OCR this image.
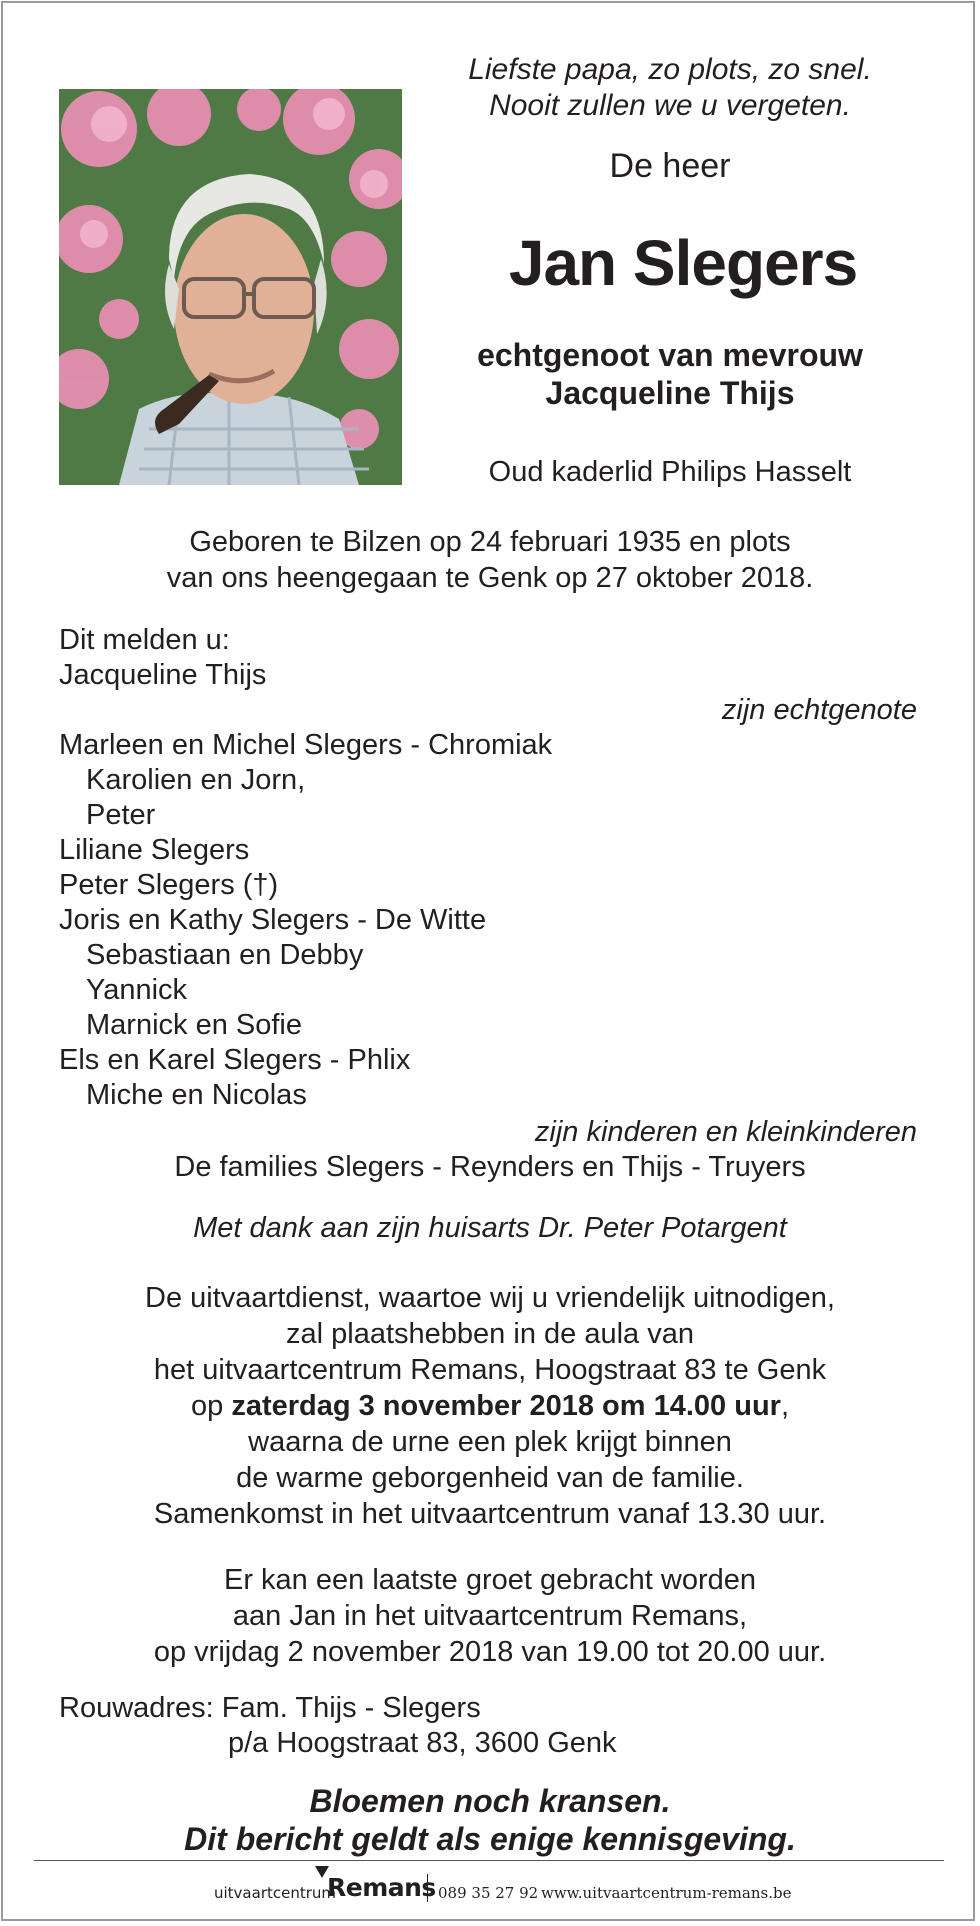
Liefste papa, zo plots, zo snel.
Nooit zullen we u vergeten.
De heer
Jan Slegers
echtgenoot van mevrouw
Jacqueline Thijs
Oud kaderlid Philips Hasselt
Geboren te Bilzen op 24 februari 1935 en plots
van ons heengegaan te Genk op 27 oktober 2018.
Dit melden u:
Jacqueline Thijs
zijn echtgenote
Marleen en Michel Slegers - Chromiak
Karolien en Jorn,
Peter
Liliane Slegers
Peter Slegers (†)
Joris en Kathy Slegers - De Witte
Sebastiaan en Debby
Yannick
Marnick en Sofie
Els en Karel Slegers - Phlix
Miche en Nicolas
zijn kinderen en kleinkinderen
De families Slegers - Reynders en Thijs - Truyers
Met dank aan zijn huisarts Dr. Peter Potargent
De uitvaartdienst, waartoe wij u vriendelijk uitnodigen,
zal plaatshebben in de aula van
het uitvaartcentrum Remans, Hoogstraat 83 te Genk
op zaterdag 3 november 2018 om 14.00 uur,
waarna de urne een plek krijgt binnen
de warme geborgenheid van de familie.
Samenkomst in het uitvaartcentrum vanaf 13.30 uur.
Er kan een laatste groet gebracht worden
aan Jan in het uitvaartcentrum Remans,
op vrijdag 2 november 2018 van 19.00 tot 20.00 uur.
Rouwadres: Fam. Thijs - Slegers
p/a Hoogstraat 83, 3600 Genk
Bloemen noch kransen.
Dit bericht geldt als enige kennisgeving.
uitvaartcentrum
Remans 089 35 27 92 www.uitvaartcentrum-remans.be
